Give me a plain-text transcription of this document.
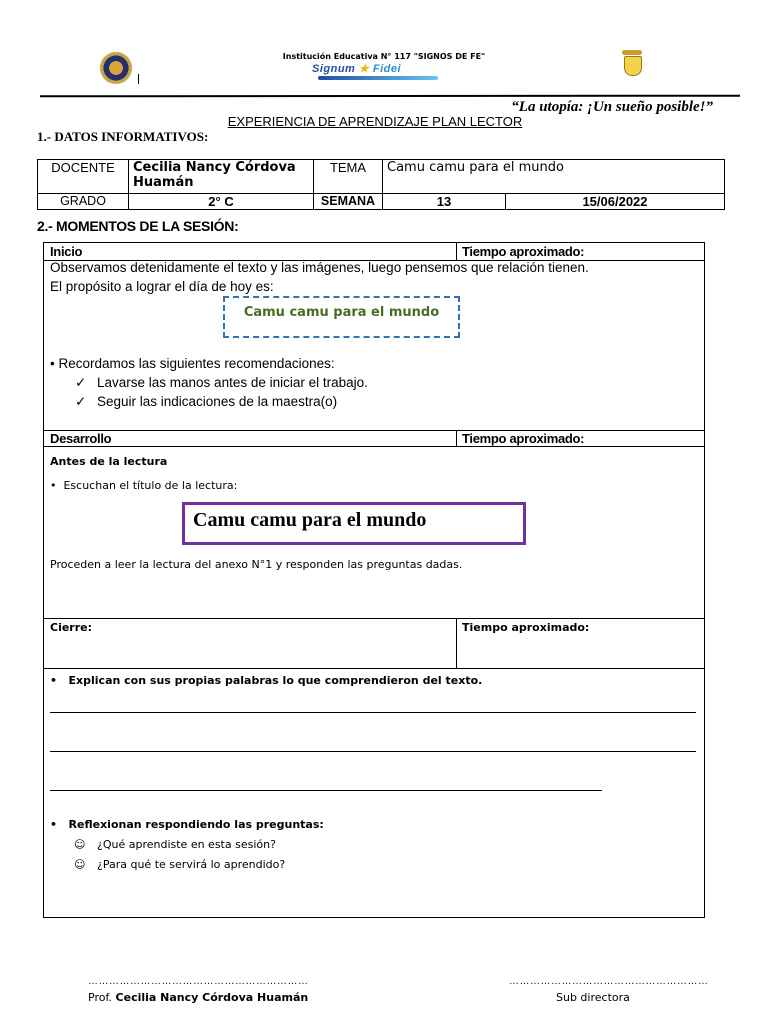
Institución Educativa N° 117 "SIGNOS DE FE"
Signum ★ Fidei
“La utopía: ¡Un sueño posible!”
EXPERIENCIA DE APRENDIZAJE PLAN LECTOR
1.- DATOS INFORMATIVOS:
DOCENTE	Cecilia Nancy Córdova Huamán	TEMA	Camu camu para el mundo	
GRADO	2° C	SEMANA	13	15/06/2022
2.- MOMENTOS DE LA SESIÓN:
Inicio	Tiempo aproximado:
Observamos detenidamente el texto y las imágenes, luego pensemos que relación tienen.
El propósito a lograr el día de hoy es:
Camu camu para el mundo
• Recordamos las siguientes recomendaciones:
✓ Lavarse las manos antes de iniciar el trabajo.
✓ Seguir las indicaciones de la maestra(o)
Desarrollo	Tiempo aproximado:
Antes de la lectura
•  Escuchan el título de la lectura:
Camu camu para el mundo
Proceden a leer la lectura del anexo N°1 y responden las preguntas dadas.
Cierre:	Tiempo aproximado:
•   Explican con sus propias palabras lo que comprendieron del texto.
•   Reflexionan respondiendo las preguntas:
☺ ¿Qué aprendiste en esta sesión?
☺ ¿Para qué te servirá lo aprendido?
………………………………………………………	…………………………………………………
Prof. Cecilia Nancy Córdova Huamán	Sub directora
